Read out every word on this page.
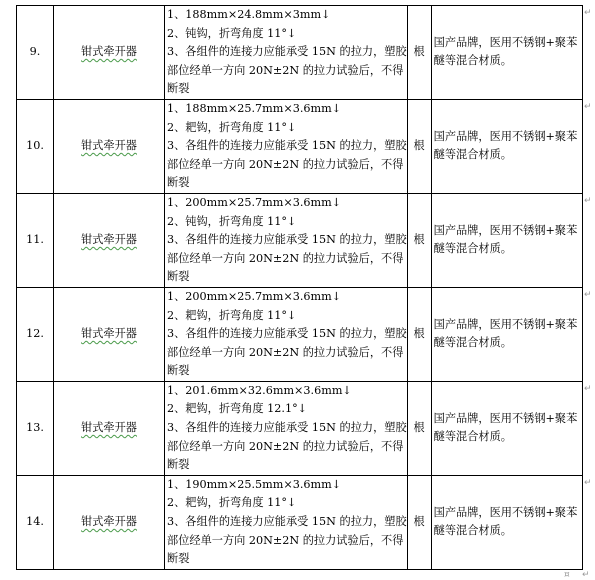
9.	钳式牵开器	1、188mm×24.8mm×3mm↓
2、钝钩，折弯角度 11°↓
3、各组件的连接力应能承受 15N 的拉力，塑胶
部位经单一方向 20N±2N 的拉力试验后，不得
断裂	根	国产品牌，医用不锈钢+聚苯醚等混合材质。

10.	钳式牵开器	1、188mm×25.7mm×3.6mm↓
2、耙钩，折弯角度 11°↓
3、各组件的连接力应能承受 15N 的拉力，塑胶
部位经单一方向 20N±2N 的拉力试验后，不得
断裂	根	国产品牌，医用不锈钢+聚苯醚等混合材质。

11.	钳式牵开器	1、200mm×25.7mm×3.6mm↓
2、钝钩，折弯角度 11°↓
3、各组件的连接力应能承受 15N 的拉力，塑胶
部位经单一方向 20N±2N 的拉力试验后，不得
断裂	根	国产品牌，医用不锈钢+聚苯醚等混合材质。

12.	钳式牵开器	1、200mm×25.7mm×3.6mm↓
2、耙钩，折弯角度 11°↓
3、各组件的连接力应能承受 15N 的拉力，塑胶
部位经单一方向 20N±2N 的拉力试验后，不得
断裂	根	国产品牌，医用不锈钢+聚苯醚等混合材质。

13.	钳式牵开器	1、201.6mm×32.6mm×3.6mm↓
2、耙钩，折弯角度 12.1°↓
3、各组件的连接力应能承受 15N 的拉力，塑胶
部位经单一方向 20N±2N 的拉力试验后，不得
断裂	根	国产品牌，医用不锈钢+聚苯醚等混合材质。

14.	钳式牵开器	1、190mm×25.5mm×3.6mm↓
2、耙钩，折弯角度 11°↓
3、各组件的连接力应能承受 15N 的拉力，塑胶
部位经单一方向 20N±2N 的拉力试验后，不得
断裂	根	国产品牌，医用不锈钢+聚苯醚等混合材质。
↵
↵
↵
↵
↵
↵
¤ ↵
